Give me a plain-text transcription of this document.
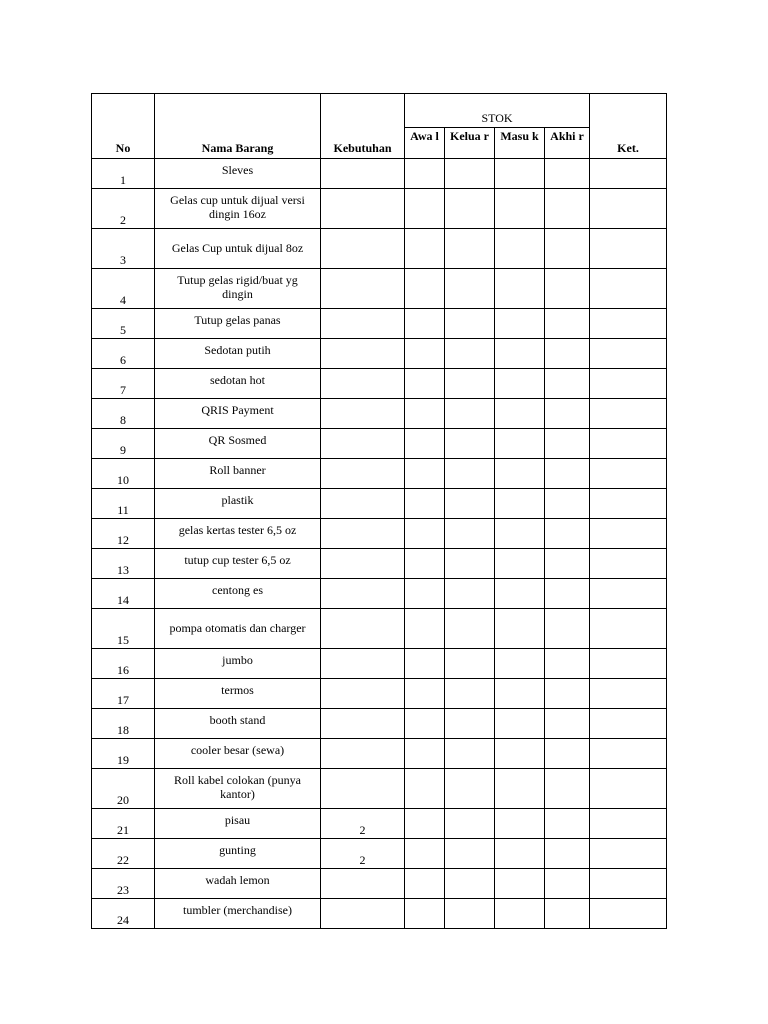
No	Nama Barang	Kebutuhan	STOK				Ket.
			Awa l	Kelua r	Masu k	Akhi r	
1	Sleves						
2	Gelas cup untuk dijual versi dingin 16oz						
3	Gelas Cup untuk dijual 8oz						
4	Tutup gelas rigid/buat yg dingin						
5	Tutup gelas panas						
6	Sedotan putih						
7	sedotan hot						
8	QRIS Payment						
9	QR Sosmed						
10	Roll banner						
11	plastik						
12	gelas kertas tester 6,5 oz						
13	tutup cup tester 6,5 oz						
14	centong es						
15	pompa otomatis dan charger						
16	jumbo						
17	termos						
18	booth stand						
19	cooler besar (sewa)						
20	Roll kabel colokan (punya kantor)						
21	pisau	2					
22	gunting	2					
23	wadah lemon						
24	tumbler (merchandise)						
